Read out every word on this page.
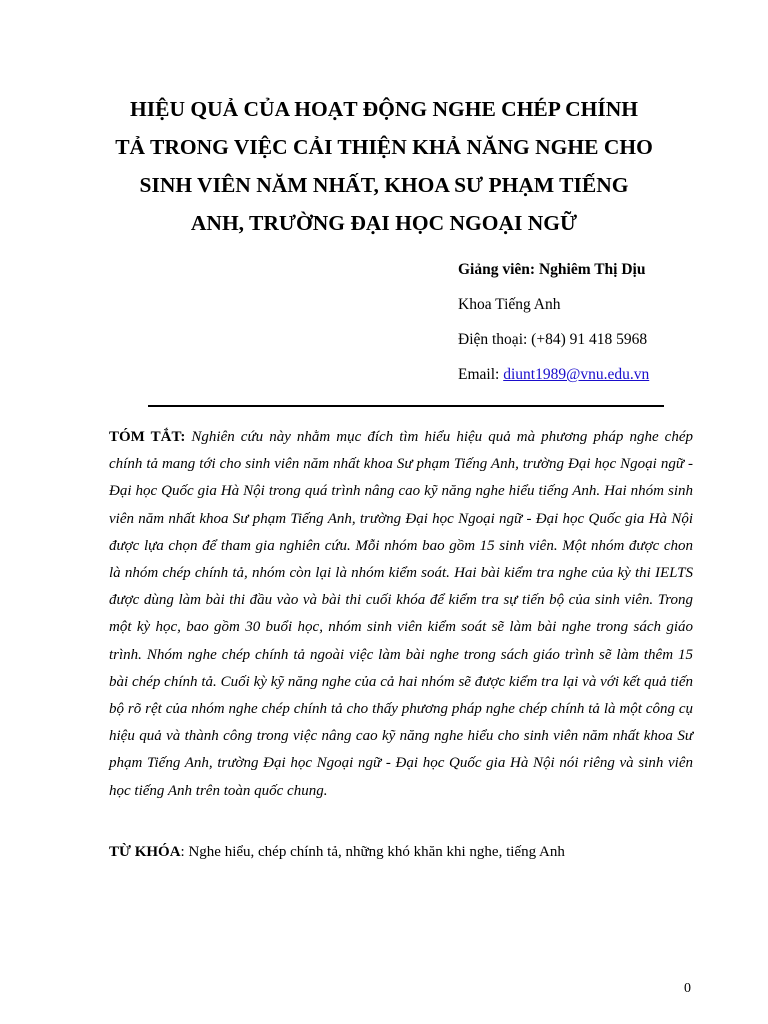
HIỆU QUẢ CỦA HOẠT ĐỘNG NGHE CHÉP CHÍNH
TẢ TRONG VIỆC CẢI THIỆN KHẢ NĂNG NGHE CHO
SINH VIÊN NĂM NHẤT, KHOA SƯ PHẠM TIẾNG
ANH, TRƯỜNG ĐẠI HỌC NGOẠI NGỮ
Giảng viên: Nghiêm Thị Dịu
Khoa Tiếng Anh
Điện thoại: (+84) 91 418 5968
Email: diunt1989@vnu.edu.vn
TÓM TẮT: Nghiên cứu này nhằm mục đích tìm hiểu hiệu quả mà phương pháp nghe chép chính tả mang tới cho sinh viên năm nhất khoa Sư phạm Tiếng Anh, trường Đại học Ngoại ngữ - Đại học Quốc gia Hà Nội trong quá trình nâng cao kỹ năng nghe hiểu tiếng Anh. Hai nhóm sinh viên năm nhất khoa Sư phạm Tiếng Anh, trường Đại học Ngoại ngữ - Đại học Quốc gia Hà Nội được lựa chọn để tham gia nghiên cứu. Mỗi nhóm bao gồm 15 sinh viên. Một nhóm được chon là nhóm chép chính tả, nhóm còn lại là nhóm kiểm soát. Hai bài kiểm tra nghe của kỳ thi IELTS được dùng làm bài thi đầu vào và bài thi cuối khóa để kiểm tra sự tiến bộ của sinh viên. Trong một kỳ học, bao gồm 30 buổi học, nhóm sinh viên kiểm soát sẽ làm bài nghe trong sách giáo trình. Nhóm nghe chép chính tả ngoài việc làm bài nghe trong sách giáo trình sẽ làm thêm 15 bài chép chính tả. Cuối kỳ kỹ năng nghe của cả hai nhóm sẽ được kiểm tra lại và với kết quả tiến bộ rõ rệt của nhóm nghe chép chính tả cho thấy phương pháp nghe chép chính tả là một công cụ hiệu quả và thành công trong việc nâng cao kỹ năng nghe hiểu cho sinh viên năm nhất khoa Sư phạm Tiếng Anh, trường Đại học Ngoại ngữ - Đại học Quốc gia Hà Nội nói riêng và sinh viên học tiếng Anh trên toàn quốc chung.
TỪ KHÓA: Nghe hiểu, chép chính tả, những khó khăn khi nghe, tiếng Anh
0
